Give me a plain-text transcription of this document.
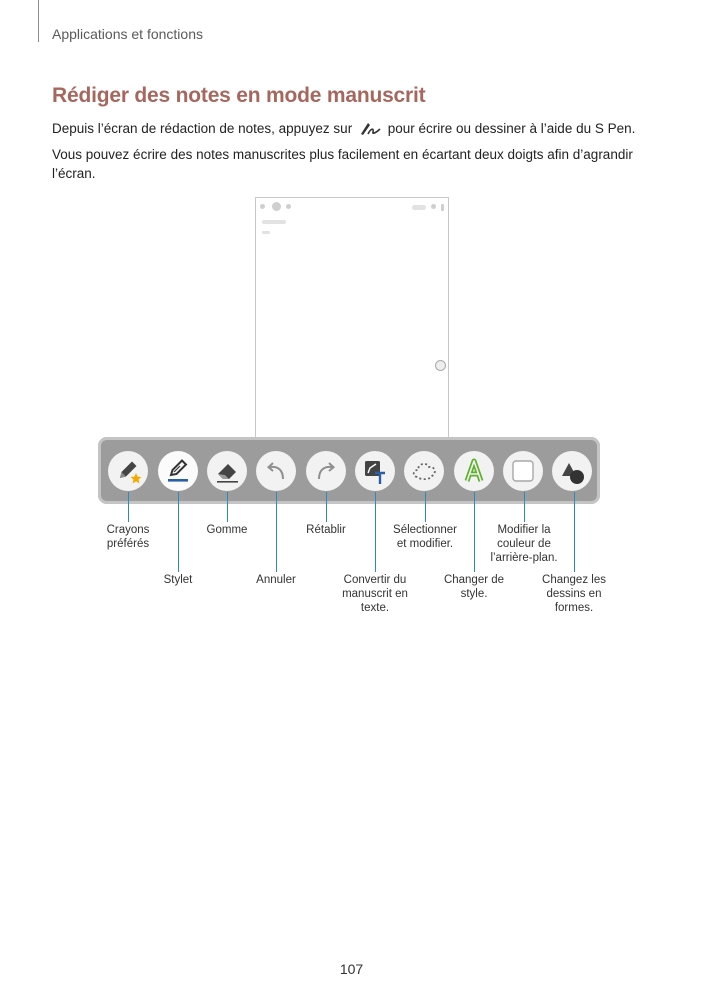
Applications et fonctions
Rédiger des notes en mode manuscrit
Depuis l’écran de rédaction de notes, appuyez sur	pour écrire ou dessiner à l’aide du S Pen.
Vous pouvez écrire des notes manuscrites plus facilement en écartant deux doigts afin d’agrandir l’écran.
Crayons
préférés
Gomme	Rétablir	Sélectionner
et modifier.
Modifier la
couleur de
l’arrière-plan.
Stylet	Annuler	Convertir du
manuscrit en
texte.
Changer de
style.
Changez les
dessins en
formes.
107
